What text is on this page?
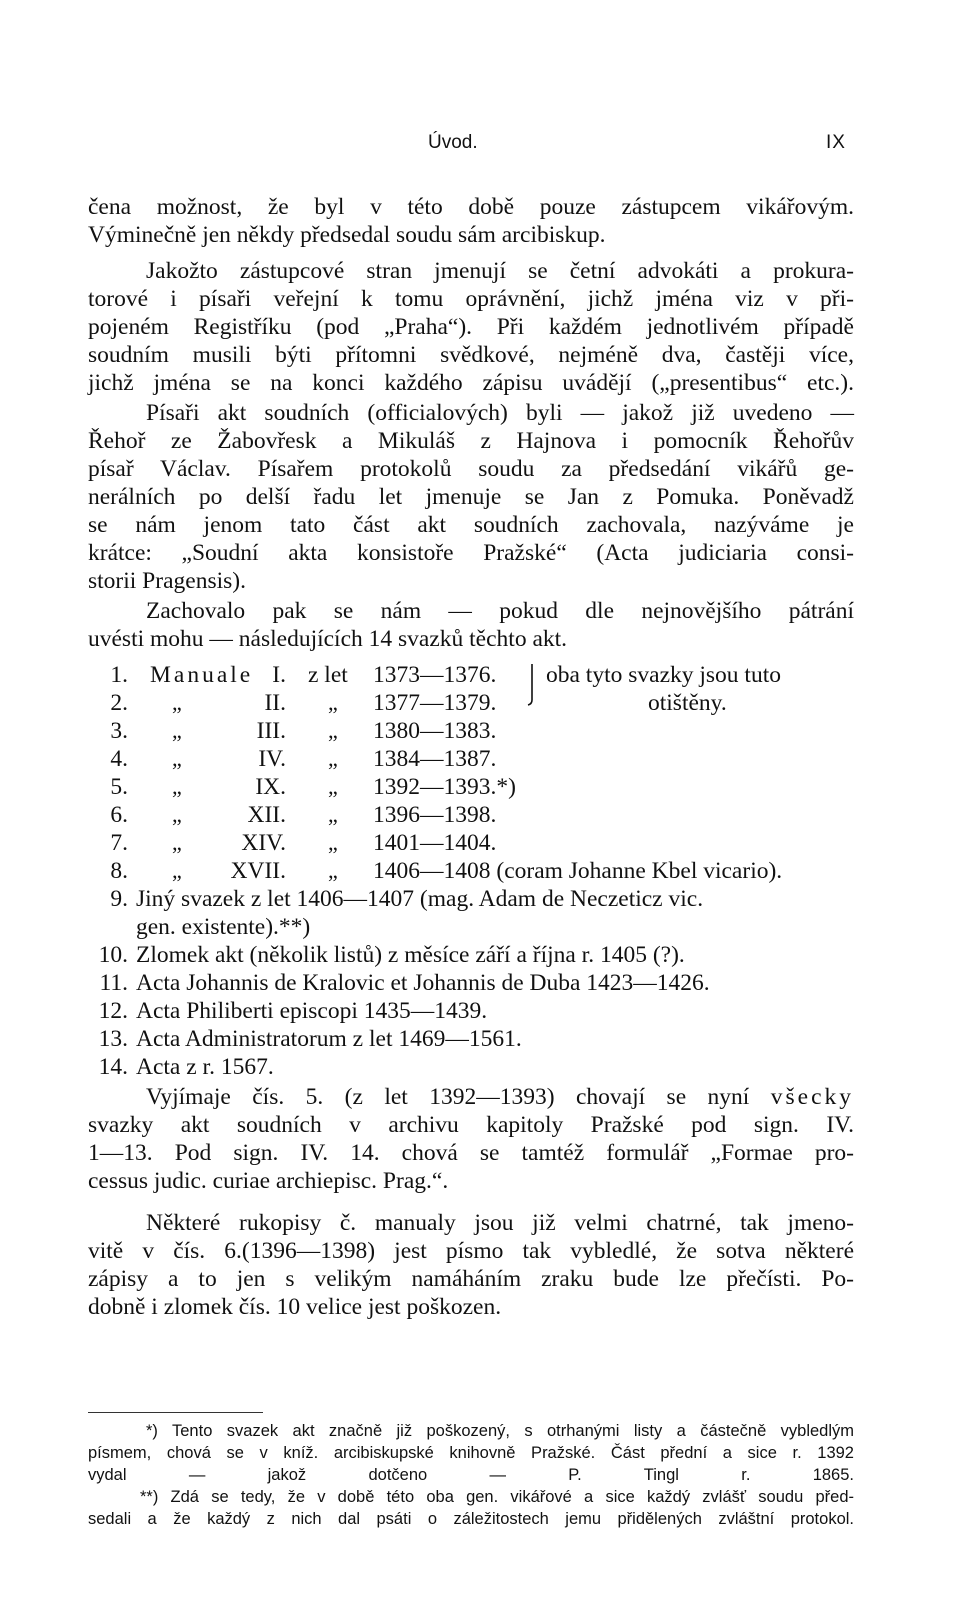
Úvod.	IX
čena možnost, že byl v této době pouze zástupcem vikářovým.
Výminečně jen někdy předsedal soudu sám arcibiskup.
Jakožto zástupcové stran jmenují se četní advokáti a prokura-
torové i písaři veřejní k tomu oprávnění, jichž jména viz v při-
pojeném Registříku (pod „Praha“). Při každém jednotlivém případě
soudním musili býti přítomni svědkové, nejméně dva, častěji více,
jichž jména se na konci každého zápisu uvádějí („presentibus“ etc.).
Písaři akt soudních (officialových) byli — jakož již uvedeno —
Řehoř ze Žabovřesk a Mikuláš z Hajnova i pomocník Řehořův
písař Václav. Písařem protokolů soudu za předsedání vikářů ge-
nerálních po delší řadu let jmenuje se Jan z Pomuka. Poněvadž
se nám jenom tato část akt soudních zachovala, nazýváme je
krátce: „Soudní akta konsistoře Pražské“ (Acta judiciaria consi-
storii Pragensis).
Zachovalo pak se nám — pokud dle nejnovějšího pátrání
uvésti mohu — následujících 14 svazků těchto akt.
1. Manuale I. z let 1373—1376. oba tyto svazky jsou tuto
2. „	II. „ 1377—1379.	otištěny.
3. „	III. „ 1380—1383.
4. „	IV. „ 1384—1387.
5. „	IX. „ 1392—1393.*)
6. „	XII. „ 1396—1398.
7. „	XIV. „ 1401—1404.
8. „ XVII. „ 1406—1408 (coram Johanne Kbel vicario).
9. Jiný svazek z let 1406—1407 (mag. Adam de Neczeticz vic.
gen. existente).**)
10. Zlomek akt (několik listů) z měsíce září a října r. 1405 (?).
11. Acta Johannis de Kralovic et Johannis de Duba 1423—1426.
12. Acta Philiberti episcopi 1435—1439.
13. Acta Administratorum z let 1469—1561.
14. Acta z r. 1567.
Vyjímaje čís. 5. (z let 1392—1393) chovají se nyní všecky
svazky akt soudních v archivu kapitoly Pražské pod sign. IV.
1—13. Pod sign. IV. 14. chová se tamtéž formulář „Formae pro-
cessus judic. curiae archiepisc. Prag.“.
Některé rukopisy č. manualy jsou již velmi chatrné, tak jmeno-
vitě v čís. 6.(1396—1398) jest písmo tak vybledlé, že sotva některé
zápisy a to jen s velikým namáháním zraku bude lze přečísti. Po-
dobně i zlomek čís. 10 velice jest poškozen.
*) Tento svazek akt značně již poškozený, s otrhanými listy a částečně vybledlým
písmem, chová se v kníž. arcibiskupské knihovně Pražské. Část přední a sice r. 1392
vydal — jakož dotčeno — P. Tingl r. 1865.
**) Zdá se tedy, že v době této oba gen. vikářové a sice každý zvlášť soudu před-
sedali a že každý z nich dal psáti o záležitostech jemu přidělených zvláštní protokol.
